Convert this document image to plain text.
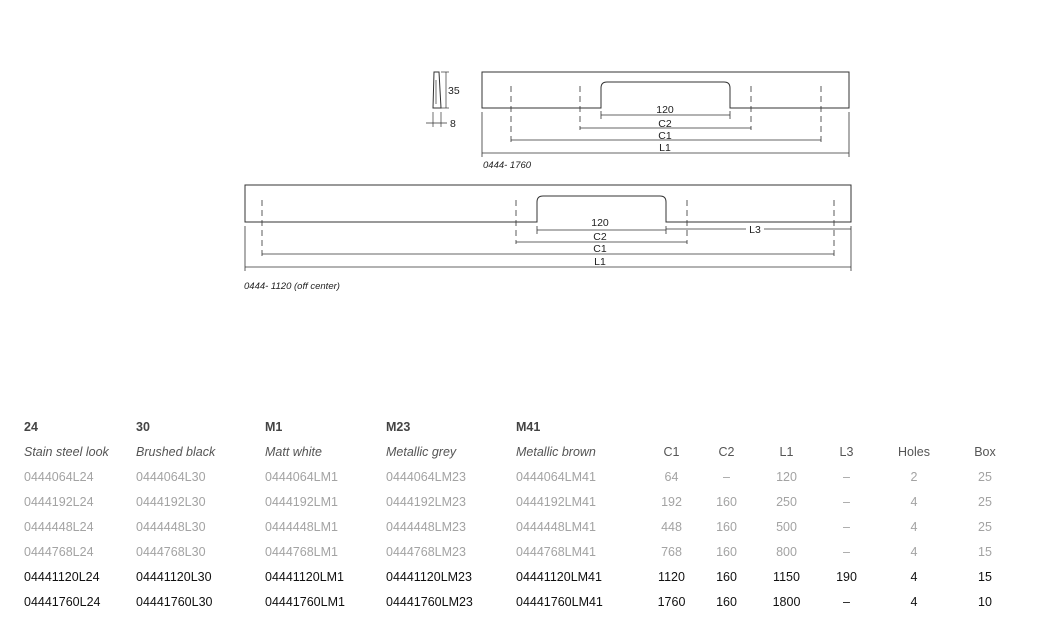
35
8
120
C2
C1
L1
0444- 1760
120
C2
C1
L1
L3
0444- 1120 (off center)
24	30	M1	M23	M41						
Stain steel look	Brushed black	Matt white	Metallic grey	Metallic brown	C1	C2	L1	L3	Holes	Box
0444064L24	0444064L30	0444064LM1	0444064LM23	0444064LM41	64	–	120	–	2	25
0444192L24	0444192L30	0444192LM1	0444192LM23	0444192LM41	192	160	250	–	4	25
0444448L24	0444448L30	0444448LM1	0444448LM23	0444448LM41	448	160	500	–	4	25
0444768L24	0444768L30	0444768LM1	0444768LM23	0444768LM41	768	160	800	–	4	15
04441120L24	04441120L30	04441120LM1	04441120LM23	04441120LM41	1120	160	1150	190	4	15
04441760L24	04441760L30	04441760LM1	04441760LM23	04441760LM41	1760	160	1800	–	4	10
